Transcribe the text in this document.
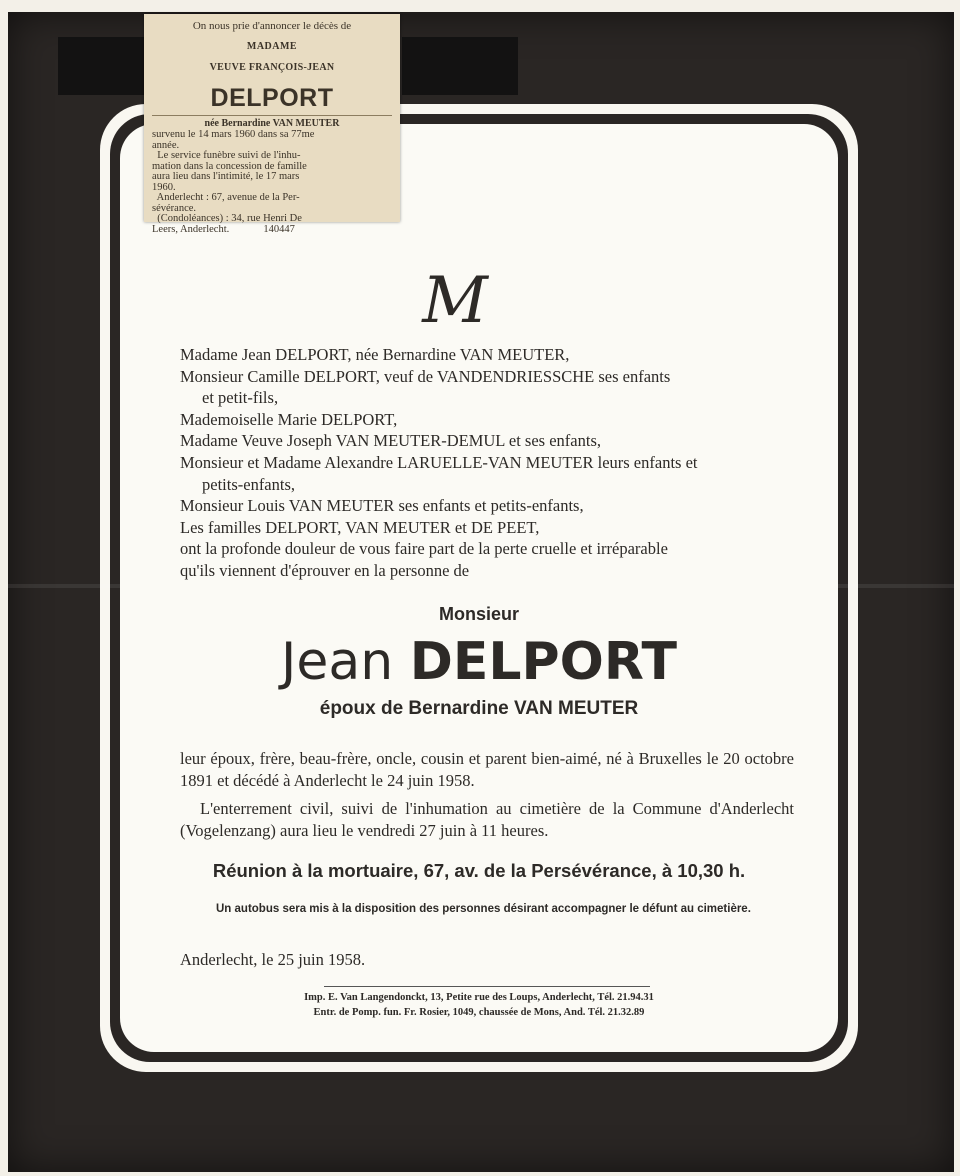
On nous prie d'annoncer le décès de

MADAME

VEUVE FRANÇOIS-JEAN

DELPORT

née Bernardine VAN MEUTER

survenu le 14 mars 1960 dans sa 77me

année.

Le service funèbre suivi de l'inhu-

mation dans la concession de famille

aura lieu dans l'intimité, le 17 mars

1960.

Anderlecht : 67, avenue de la Per-

sévérance.

(Condoléances) : 34, rue Henri De

Leers, Anderlecht.             140447

M

Madame Jean DELPORT, née Bernardine VAN MEUTER,

Monsieur Camille DELPORT, veuf de VANDENDRIESSCHE ses enfants

et petit-fils,

Mademoiselle Marie DELPORT,

Madame Veuve Joseph VAN MEUTER-DEMUL et ses enfants,

Monsieur et Madame Alexandre LARUELLE-VAN MEUTER leurs enfants et

petits-enfants,

Monsieur Louis VAN MEUTER ses enfants et petits-enfants,

Les familles DELPORT, VAN MEUTER et DE PEET,

ont la profonde douleur de vous faire part de la perte cruelle et irréparable

qu'ils viennent d'éprouver en la personne de

Monsieur
Jean DELPORT
époux de Bernardine VAN MEUTER

leur époux, frère, beau-frère, oncle, cousin et parent bien-aimé, né à Bruxelles le 20 octobre 1891 et décédé à Anderlecht le 24 juin 1958.

L'enterrement civil, suivi de l'inhumation au cimetière de la Commune d'Anderlecht (Vogelenzang) aura lieu le vendredi 27 juin à 11 heures.

Réunion à la mortuaire, 67, av. de la Persévérance, à 10,30 h.
Un autobus sera mis à la disposition des personnes désirant accompagner le défunt au cimetière.
Anderlecht, le 25 juin 1958.
Imp. E. Van Langendonckt, 13, Petite rue des Loups, Anderlecht, Tél. 21.94.31
Entr. de Pomp. fun. Fr. Rosier, 1049, chaussée de Mons, And. Tél. 21.32.89
